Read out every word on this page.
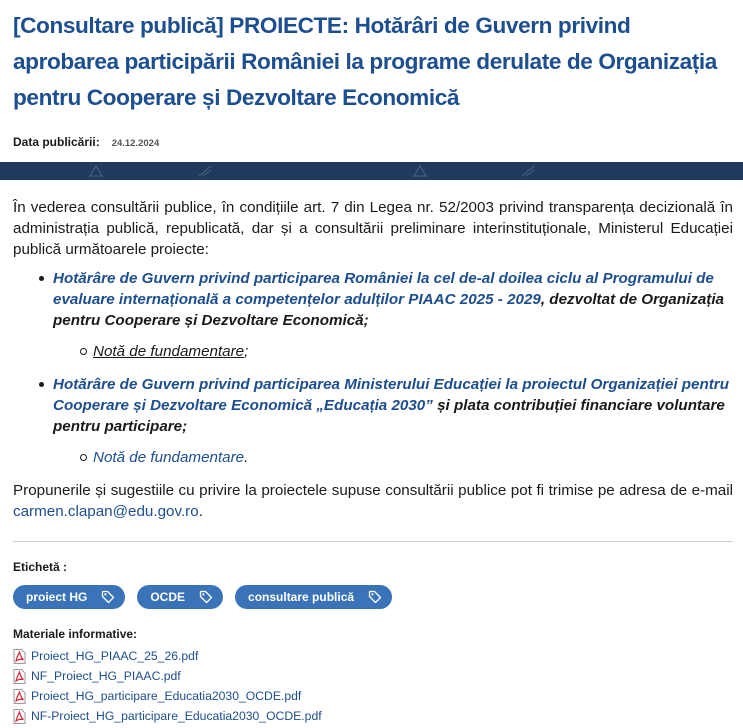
[Consultare publică] PROIECTE: Hotărâri de Guvern privind aprobarea participării României la programe derulate de Organizația pentru Cooperare și Dezvoltare Economică
Data publicării: 24.12.2024

În vederea consultării publice, în condițiile art. 7 din Legea nr. 52/2003 privind transparența decizională în administrația publică, republicată, dar și a consultării preliminare interinstituționale, Ministerul Educației publică următoarele proiecte:

Hotărâre de Guvern privind participarea României la cel de-al doilea ciclu al Programului de evaluare internațională a competențelor adulților PIAAC 2025 - 2029, dezvoltat de Organizația pentru Cooperare și Dezvoltare Economică;
Notă de fundamentare;
Hotărâre de Guvern privind participarea Ministerului Educației la proiectul Organizației pentru Cooperare și Dezvoltare Economică „Educația 2030” și plata contribuției financiare voluntare pentru participare;
Notă de fundamentare.

Propunerile și sugestiile cu privire la proiectele supuse consultării publice pot fi trimise pe adresa de e-mail carmen.clapan@edu.gov.ro.

Etichetă :
proiect HG	OCDE	consultare publică
Materiale informative:
Proiect_HG_PIAAC_25_26.pdf
NF_Proiect_HG_PIAAC.pdf
Proiect_HG_participare_Educatia2030_OCDE.pdf
NF-Proiect_HG_participare_Educatia2030_OCDE.pdf
